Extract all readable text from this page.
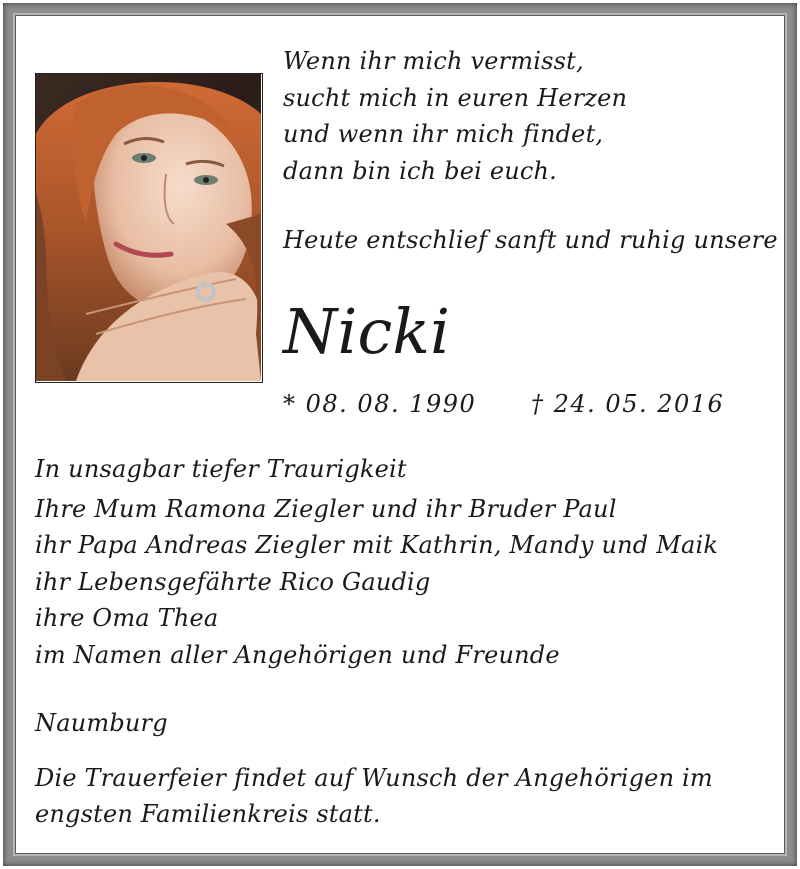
Wenn ihr mich vermisst,
sucht mich in euren Herzen
und wenn ihr mich findet,
dann bin ich bei euch.
Heute entschlief sanft und ruhig unsere
Nicki
* 08. 08. 1990 † 24. 05. 2016
In unsagbar tiefer Traurigkeit
Ihre Mum Ramona Ziegler und ihr Bruder Paul
ihr Papa Andreas Ziegler mit Kathrin, Mandy und Maik
ihr Lebensgefährte Rico Gaudig
ihre Oma Thea
im Namen aller Angehörigen und Freunde
Naumburg
Die Trauerfeier findet auf Wunsch der Angehörigen im
engsten Familienkreis statt.
